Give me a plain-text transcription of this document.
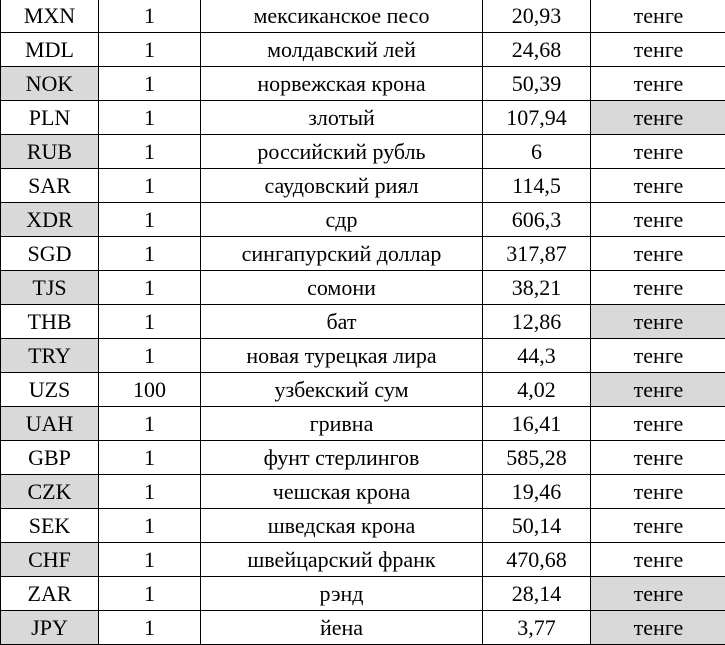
MXN	1	мексиканское песо	20,93	тенге
MDL	1	молдавский лей	24,68	тенге
NOK	1	норвежская крона	50,39	тенге
PLN	1	злотый	107,94	тенге
RUB	1	российский рубль	6	тенге
SAR	1	саудовский риял	114,5	тенге
XDR	1	сдр	606,3	тенге
SGD	1	сингапурский доллар	317,87	тенге
TJS	1	сомони	38,21	тенге
THB	1	бат	12,86	тенге
TRY	1	новая турецкая лира	44,3	тенге
UZS	100	узбекский сум	4,02	тенге
UAH	1	гривна	16,41	тенге
GBP	1	фунт стерлингов	585,28	тенге
CZK	1	чешская крона	19,46	тенге
SEK	1	шведская крона	50,14	тенге
CHF	1	швейцарский франк	470,68	тенге
ZAR	1	рэнд	28,14	тенге
JPY	1	йена	3,77	тенге
